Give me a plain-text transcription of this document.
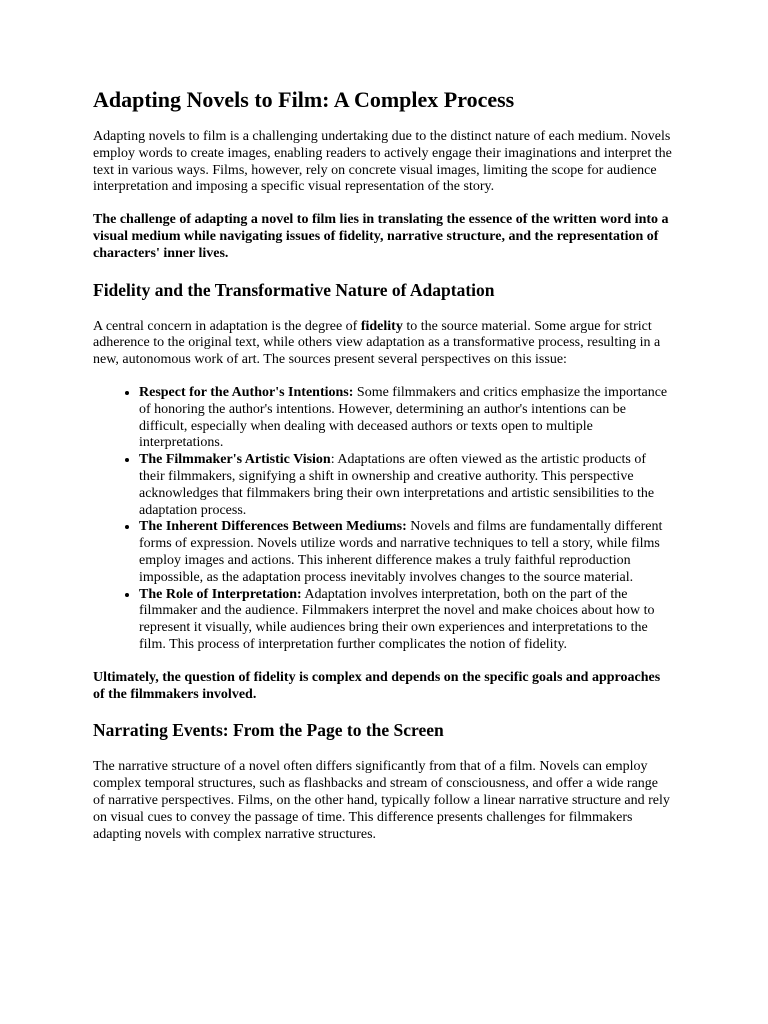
Adapting Novels to Film: A Complex Process

Adapting novels to film is a challenging undertaking due to the distinct nature of each medium. Novels employ words to create images, enabling readers to actively engage their imaginations and interpret the text in various ways. Films, however, rely on concrete visual images, limiting the scope for audience interpretation and imposing a specific visual representation of the story.

The challenge of adapting a novel to film lies in translating the essence of the written word into a visual medium while navigating issues of fidelity, narrative structure, and the representation of characters' inner lives.

Fidelity and the Transformative Nature of Adaptation

A central concern in adaptation is the degree of fidelity to the source material. Some argue for strict adherence to the original text, while others view adaptation as a transformative process, resulting in a new, autonomous work of art. The sources present several perspectives on this issue:

• Respect for the Author's Intentions: Some filmmakers and critics emphasize the importance of honoring the author's intentions. However, determining an author's intentions can be difficult, especially when dealing with deceased authors or texts open to multiple interpretations.
• The Filmmaker's Artistic Vision: Adaptations are often viewed as the artistic products of their filmmakers, signifying a shift in ownership and creative authority. This perspective acknowledges that filmmakers bring their own interpretations and artistic sensibilities to the adaptation process.
• The Inherent Differences Between Mediums: Novels and films are fundamentally different forms of expression. Novels utilize words and narrative techniques to tell a story, while films employ images and actions. This inherent difference makes a truly faithful reproduction impossible, as the adaptation process inevitably involves changes to the source material.
• The Role of Interpretation: Adaptation involves interpretation, both on the part of the filmmaker and the audience. Filmmakers interpret the novel and make choices about how to represent it visually, while audiences bring their own experiences and interpretations to the film. This process of interpretation further complicates the notion of fidelity.

Ultimately, the question of fidelity is complex and depends on the specific goals and approaches of the filmmakers involved.

Narrating Events: From the Page to the Screen

The narrative structure of a novel often differs significantly from that of a film. Novels can employ complex temporal structures, such as flashbacks and stream of consciousness, and offer a wide range of narrative perspectives. Films, on the other hand, typically follow a linear narrative structure and rely on visual cues to convey the passage of time. This difference presents challenges for filmmakers adapting novels with complex narrative structures.
